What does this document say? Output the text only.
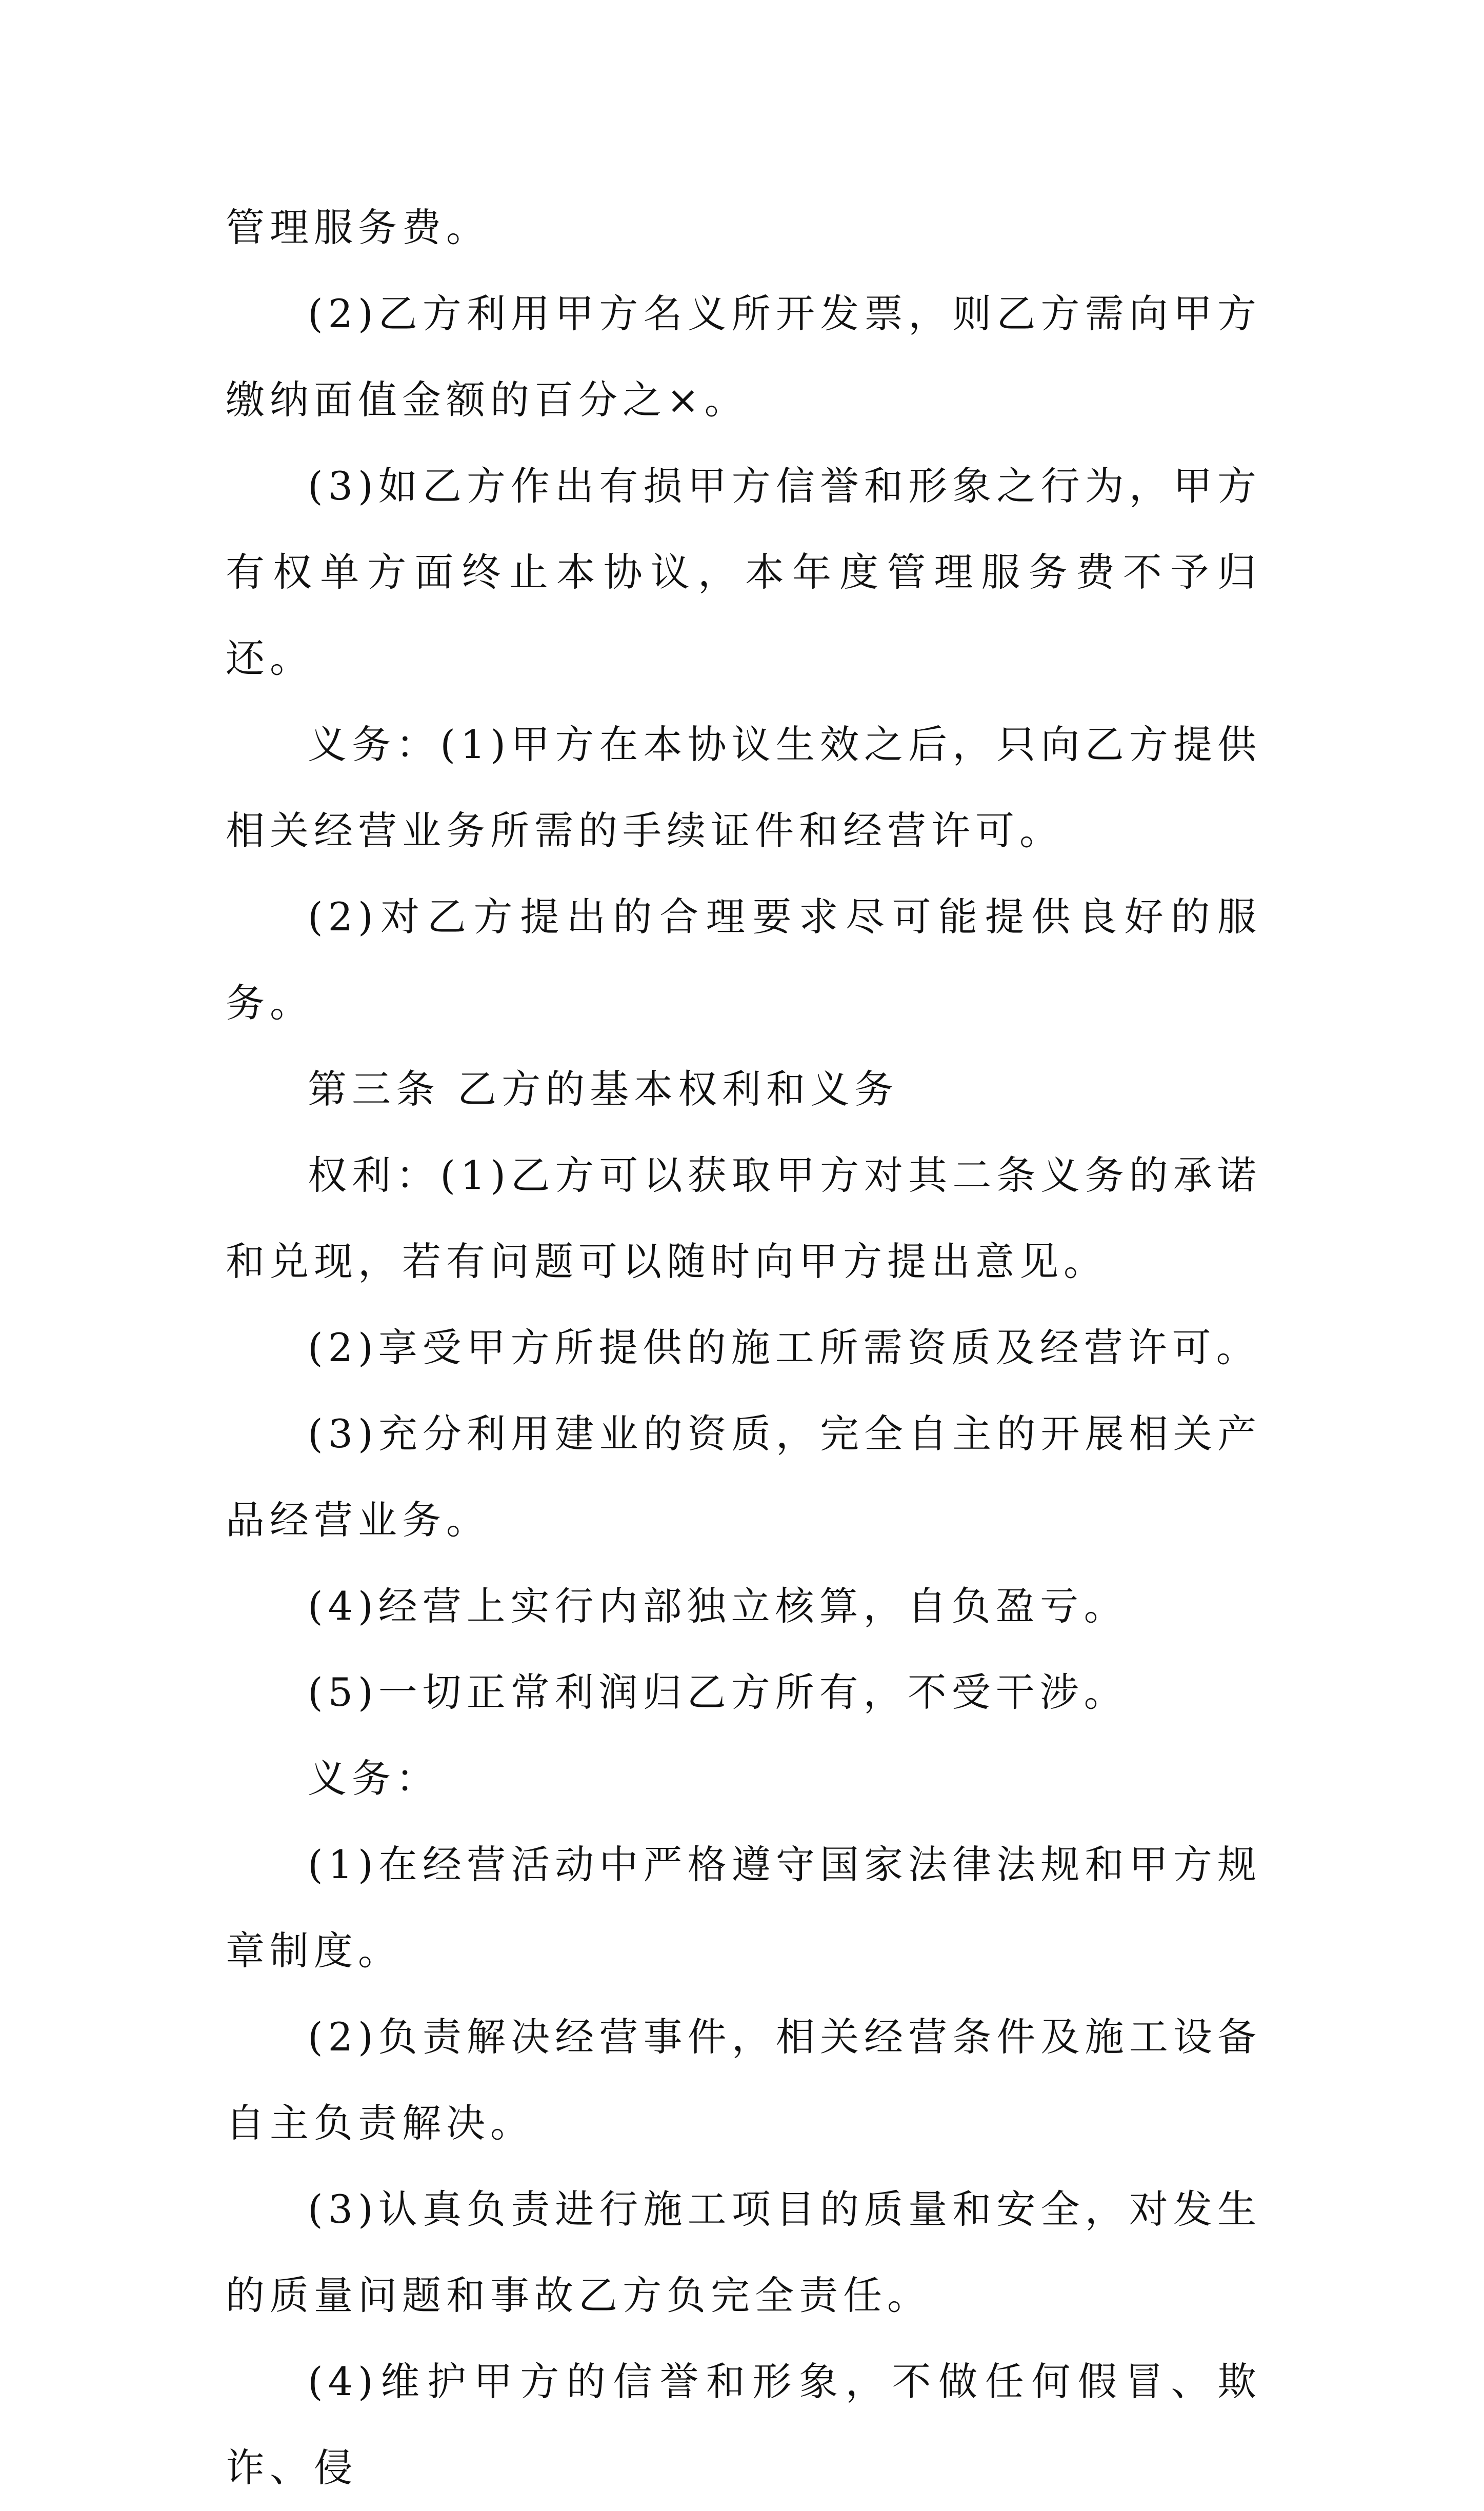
管理服务费。

(2)乙方利用甲方名义所开发票，则乙方需向甲方缴纳面值金额的百分之×。

(3)如乙方作出有损甲方信誉和形象之行为，甲方有权单方面终止本协议，本年度管理服务费不予归还。

义务：(1)甲方在本协议生效之后，只向乙方提供相关经营业务所需的手续证件和经营许可。

(2)对乙方提出的合理要求尽可能提供良好的服务。

第三条 乙方的基本权利和义务

权利：(1)乙方可以获取甲方对其二条义务的承诺和兑现，若有问题可以随时向甲方提出意见。

(2)享受甲方所提供的施工所需资质及经营许可。

(3)充分利用建业的资质，完全自主的开展相关产品经营业务。

(4)经营上实行内部独立核算，自负盈亏。

(5)一切正常利润归乙方所有，不受干涉。

义务：

(1)在经营活动中严格遵守国家法律法规和甲方规章制度。

(2)负责解决经营事件，相关经营条件及施工设备自主负责解决。

(3)认真负责进行施工项目的质量和安全，对发生的质量问题和事故乙方负完全责任。

(4)维护甲方的信誉和形象，不做任何假冒、欺诈、侵
